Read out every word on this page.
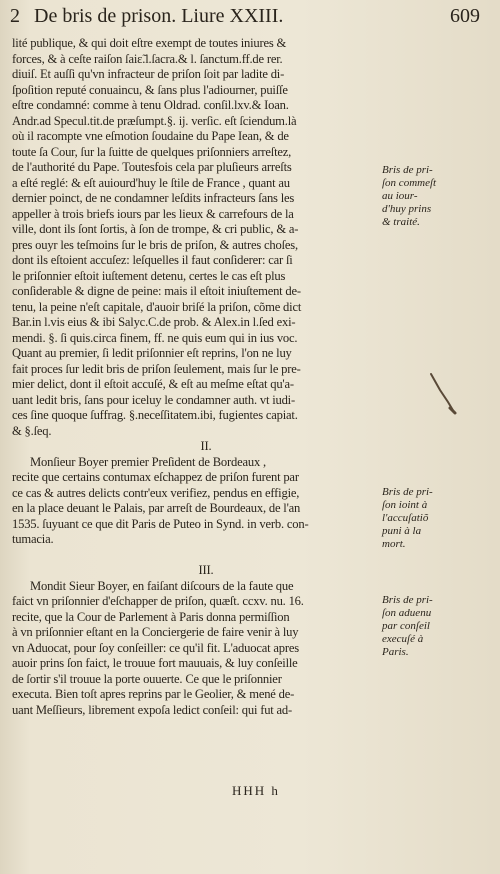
2 De bris de prison. Liure XXIII.	609
lité publique, & qui doit eſtre exempt de toutes iniures &
forces, & à ceſte raiſon ſaiɛ̃.l.ſacra.& l. ſanctum.ff.de rer.
diuiſ. Et auſſi qu'vn infracteur de priſon ſoit par ladite di-
ſpoſition reputé conuaincu, & ſans plus l'adiourner, puiſſe
eſtre condamné: comme à tenu Oldrad. conſil.lxv.& Ioan.
Andr.ad Specul.tit.de præſumpt.§. ij. verſic. eſt ſciendum.là
où il racompte vne eſmotion ſoudaine du Pape Iean, & de
toute ſa Cour, ſur la ſuitte de quelques priſonniers arreſtez,
de l'authorité du Pape. Toutesfois cela par pluſieurs arreſts
a eſté reglé: & eſt auiourd'huy le ſtile de France , quant au
dernier poinct, de ne condamner leſdits infracteurs ſans les
appeller à trois briefs iours par les lieux & carrefours de la
ville, dont ils ſont ſortis, à ſon de trompe, & cri public, & a-
pres ouyr les teſmoins ſur le bris de priſon, & autres choſes,
dont ils eſtoient accuſez: leſquelles il faut conſiderer: car ſi
le priſonnier eſtoit iuſtement detenu, certes le cas eſt plus
conſiderable & digne de peine: mais il eſtoit iniuſtement de-
tenu, la peine n'eſt capitale, d'auoir briſé la priſon, cõme dict
Bar.in l.vis eius & ibi Salyc.C.de prob. & Alex.in l.ſed exi-
mendi. §. ſi quis.circa finem, ff. ne quis eum qui in ius voc.
Quant au premier, ſi ledit priſonnier eſt reprins, l'on ne luy
fait proces ſur ledit bris de priſon ſeulement, mais ſur le pre-
mier delict, dont il eſtoit accuſé, & eſt au meſme eſtat qu'a-
uant ledit bris, ſans pour iceluy le condamner auth. vt iudi-
ces ſine quoque ſuffrag. §.neceſſitatem.ibi, fugientes capiat.
& §.ſeq.
II.
Monſieur Boyer premier Preſident de Bordeaux ,
recite que certains contumax eſchappez de priſon furent par
ce cas & autres delicts contr'eux verifiez, pendus en effigie,
en la place deuant le Palais, par arreſt de Bourdeaux, de l'an
1535. ſuyuant ce que dit Paris de Puteo in Synd. in verb. con-
tumacia.
III.
Mondit Sieur Boyer, en faiſant diſcours de la faute que
faict vn priſonnier d'eſchapper de priſon, quæſt. ccxv. nu. 16.
recite, que la Cour de Parlement à Paris donna permiſſion
à vn priſonnier eſtant en la Conciergerie de faire venir à luy
vn Aduocat, pour ſoy conſeiller: ce qu'il fit. L'aduocat apres
auoir prins ſon faict, le trouue fort mauuais, & luy conſeille
de ſortir s'il trouue la porte ouuerte. Ce que le priſonnier
executa. Bien toſt apres reprins par le Geolier, & mené de-
uant Meſſieurs, librement expoſa ledict conſeil: qui fut ad-
Bris de pri-
ſon commeſt
au iour-
d'huy prins
& traité.
Bris de pri-
ſon ioint à
l'accuſatiõ
puni à la
mort.
Bris de pri-
ſon aduenu
par conſeil
execuſé à
Paris.
HHH h
